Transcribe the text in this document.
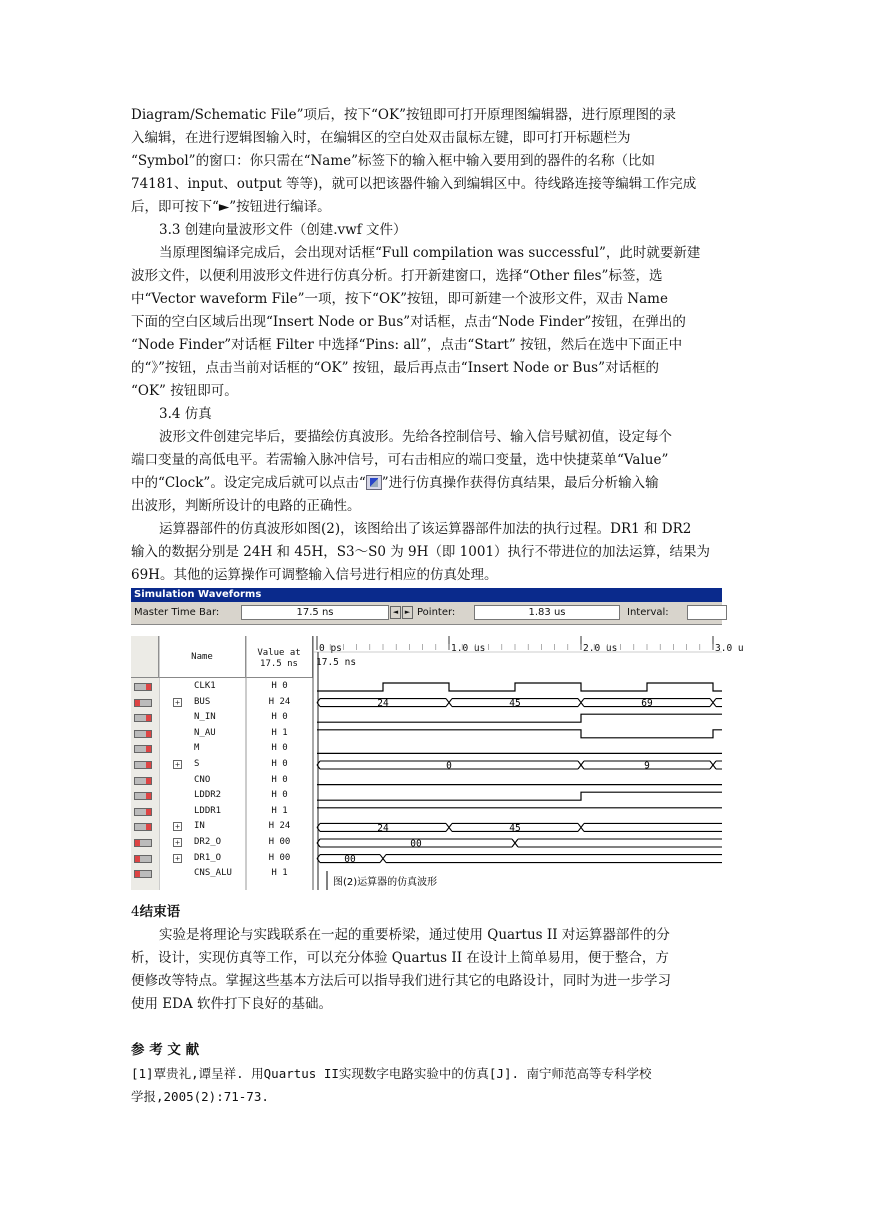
Diagram/Schematic File”项后，按下“OK”按钮即可打开原理图编辑器，进行原理图的录
入编辑，在进行逻辑图输入时，在编辑区的空白处双击鼠标左键，即可打开标题栏为
“Symbol”的窗口：你只需在“Name”标签下的输入框中输入要用到的器件的名称（比如
74181、input、output 等等)，就可以把该器件输入到编辑区中。待线路连接等编辑工作完成
后，即可按下“►”按钮进行编译。
3.3 创建向量波形文件（创建.vwf 文件）
当原理图编译完成后，会出现对话框“Full compilation was successful”，此时就要新建
波形文件，以便利用波形文件进行仿真分析。打开新建窗口，选择“Other files”标签，选
中“Vector waveform File”一项，按下“OK”按钮，即可新建一个波形文件，双击 Name
下面的空白区域后出现“Insert Node or Bus”对话框，点击“Node Finder”按钮，在弹出的
“Node Finder”对话框 Filter 中选择“Pins: all”，点击“Start” 按钮，然后在选中下面正中
的“》”按钮，点击当前对话框的“OK” 按钮，最后再点击“Insert Node or Bus”对话框的
“OK” 按钮即可。
3.4 仿真
波形文件创建完毕后，要描绘仿真波形。先给各控制信号、输入信号赋初值，设定每个
端口变量的高低电平。若需输入脉冲信号，可右击相应的端口变量，选中快捷菜单“Value”
中的“Clock”。设定完成后就可以点击“ ”进行仿真操作获得仿真结果，最后分析输入输
出波形，判断所设计的电路的正确性。
运算器部件的仿真波形如图(2)，该图给出了该运算器部件加法的执行过程。DR1 和 DR2
输入的数据分别是 24H 和 45H，S3～S0 为 9H（即 1001）执行不带进位的加法运算，结果为
69H。其他的运算操作可调整输入信号进行相应的仿真处理。
Simulation Waveforms
Master Time Bar:	17.5 ns	◄ ► Pointer:	1.83 us	Interval:
Name	Value at
17.5 ns
0 ps	1.0 us	2.0 us	3.0 u
17.5 ns
24	45	69
0	9
24	45
00
00
图(2)运算器的仿真波形
CLK1	H 0
+ BUS	H 24
N_IN	H 0
N_AU	H 1
M	H 0
+ S	H 0
CNO	H 0
LDDR2	H 0
LDDR1	H 1
+ IN	H 24
+ DR2_O	H 00
+ DR1_O	H 00
CNS_ALU	H 1
4结束语
实验是将理论与实践联系在一起的重要桥梁，通过使用 Quartus II 对运算器部件的分
析，设计，实现仿真等工作，可以充分体验 Quartus II 在设计上简单易用，便于整合，方
便修改等特点。掌握这些基本方法后可以指导我们进行其它的电路设计，同时为进一步学习
使用 EDA 软件打下良好的基础。
参 考 文 献
[1]覃贵礼,谭呈祥. 用Quartus II实现数字电路实验中的仿真[J]. 南宁师范高等专科学校
学报,2005(2):71-73.
